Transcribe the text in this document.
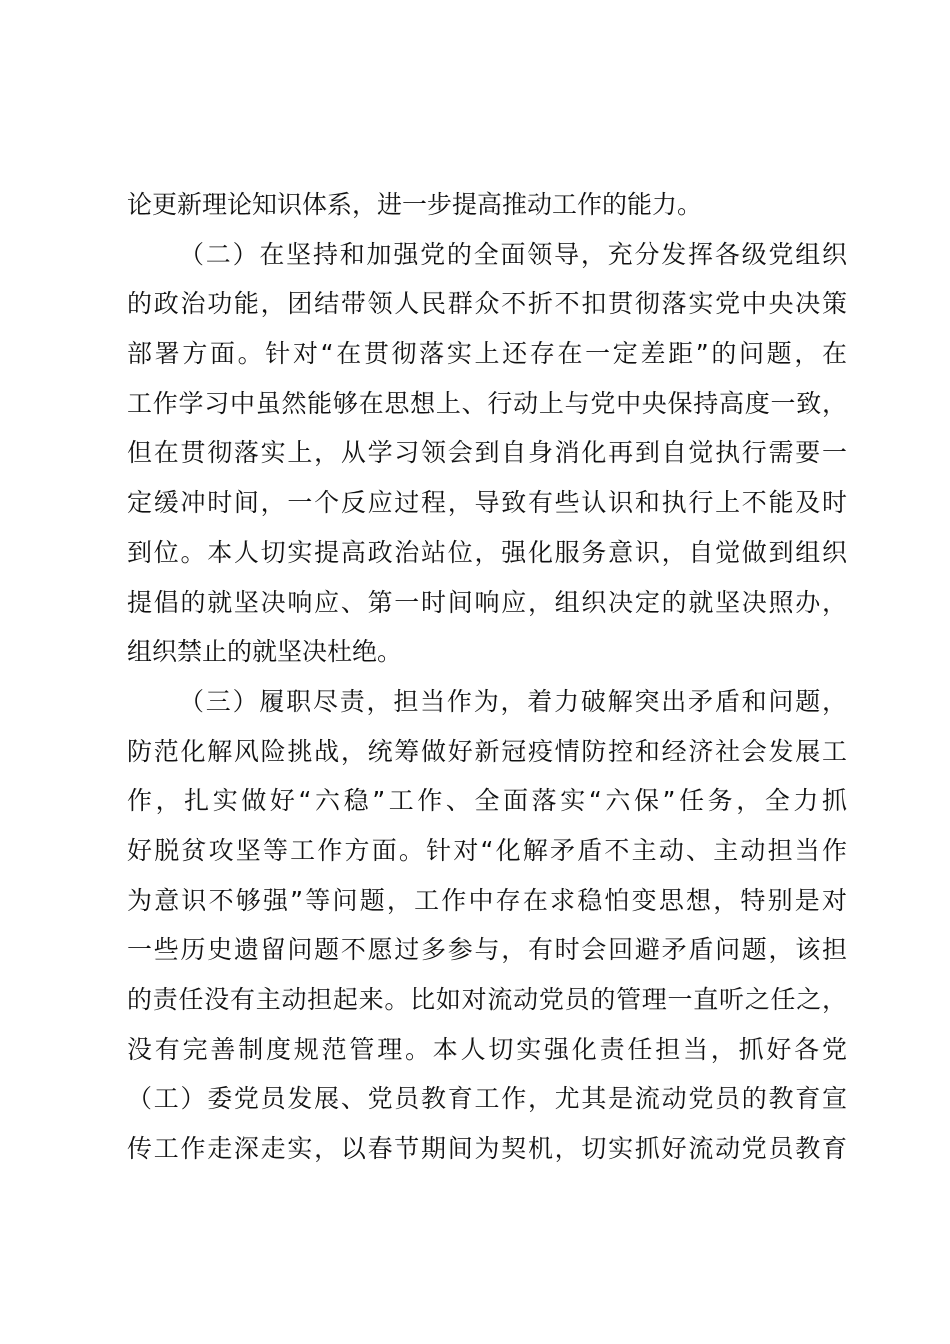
论更新理论知识体系，进一步提高推动工作的能力。
（二）在坚持和加强党的全面领导，充分发挥各级党组织
的政治功能，团结带领人民群众不折不扣贯彻落实党中央决策
部署方面。针对“在贯彻落实上还存在一定差距”的问题，在
工作学习中虽然能够在思想上、行动上与党中央保持高度一致，
但在贯彻落实上，从学习领会到自身消化再到自觉执行需要一
定缓冲时间，一个反应过程，导致有些认识和执行上不能及时
到位。本人切实提高政治站位，强化服务意识，自觉做到组织
提倡的就坚决响应、第一时间响应，组织决定的就坚决照办，
组织禁止的就坚决杜绝。
（三）履职尽责，担当作为，着力破解突出矛盾和问题，
防范化解风险挑战，统筹做好新冠疫情防控和经济社会发展工
作，扎实做好“六稳”工作、全面落实“六保”任务，全力抓
好脱贫攻坚等工作方面。针对“化解矛盾不主动、主动担当作
为意识不够强”等问题，工作中存在求稳怕变思想，特别是对
一些历史遗留问题不愿过多参与，有时会回避矛盾问题，该担
的责任没有主动担起来。比如对流动党员的管理一直听之任之，
没有完善制度规范管理。本人切实强化责任担当，抓好各党
（工）委党员发展、党员教育工作，尤其是流动党员的教育宣
传工作走深走实，以春节期间为契机，切实抓好流动党员教育
